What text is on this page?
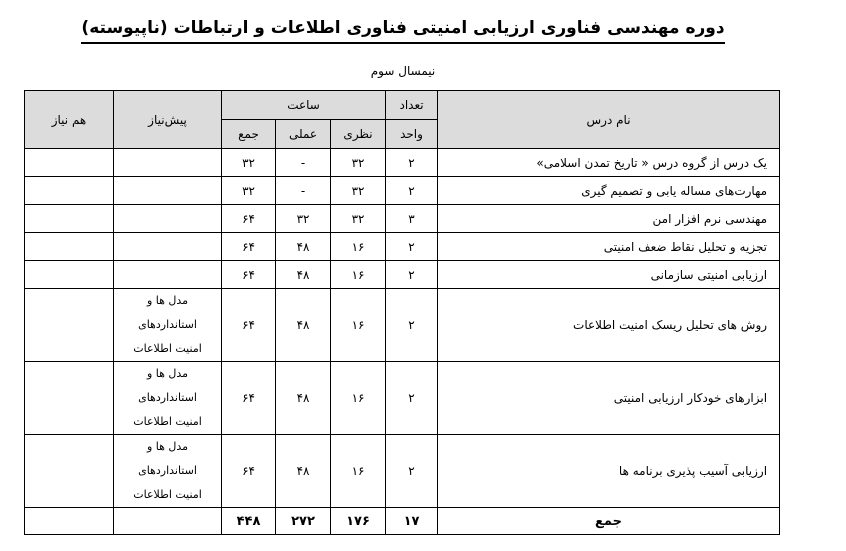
دوره مهندسی فناوری ارزیابی امنیتی فناوری اطلاعات و ارتباطات (ناپیوسته)
نیمسال سوم
نام درس	تعداد	ساعت			پیش‌نیاز	هم نیاز
	واحد	نظری	عملی	جمع		
یک درس از گروه درس « تاریخ تمدن اسلامی»	۲	۳۲	-	۳۲		
مهارت‌های مساله یابی و تصمیم گیری	۲	۳۲	-	۳۲		
مهندسی نرم افزار امن	۳	۳۲	۳۲	۶۴		
تجزیه و تحلیل نقاط ضعف امنیتی	۲	۱۶	۴۸	۶۴		
ارزیابی امنیتی سازمانی	۲	۱۶	۴۸	۶۴		
روش های تحلیل ریسک امنیت اطلاعات	۲	۱۶	۴۸	۶۴	مدل ها و
استانداردهای
امنیت اطلاعات	

ابزارهای خودکار ارزیابی امنیتی	۲	۱۶	۴۸	۶۴	مدل ها و
استانداردهای
امنیت اطلاعات	

ارزیابی آسیب پذیری برنامه ها	۲	۱۶	۴۸	۶۴	مدل ها و
استانداردهای
امنیت اطلاعات	

جمع	۱۷	۱۷۶	۲۷۲	۴۴۸		
